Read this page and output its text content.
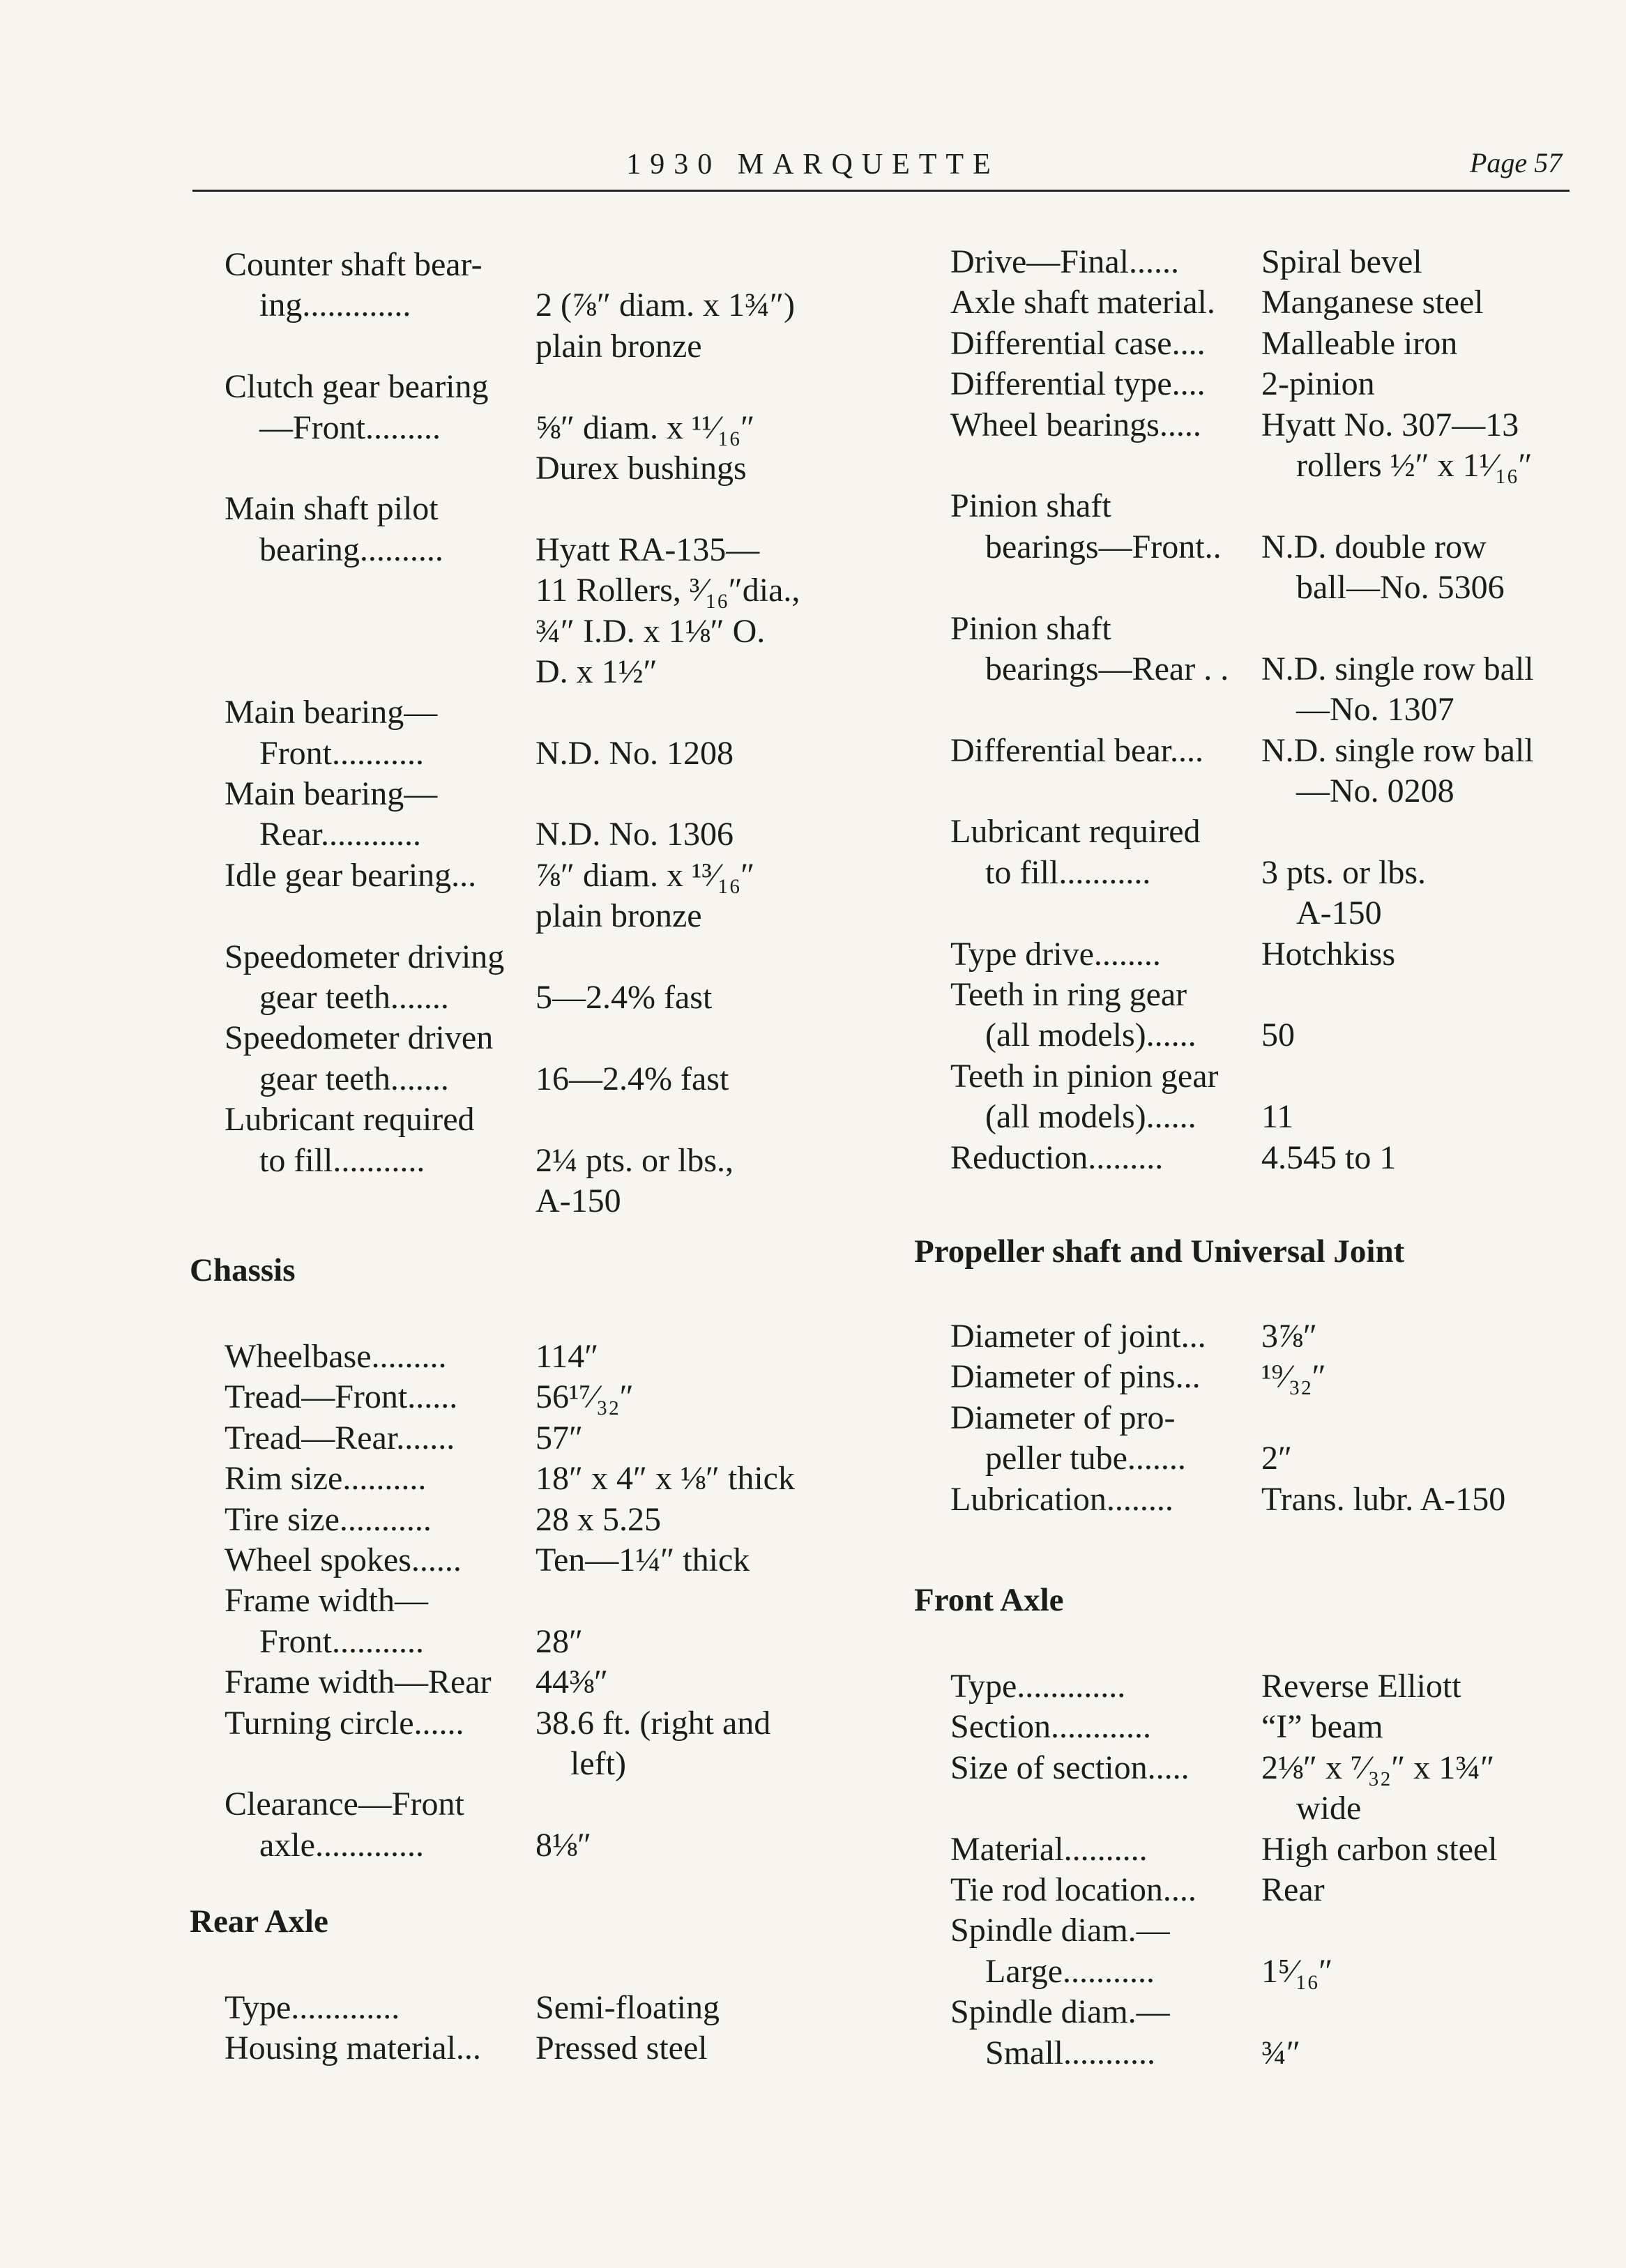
1930 MARQUETTE	Page 57
Counter shaft bear-
ing.............	2 (⅞″ diam. x 1¾″)
plain bronze
Clutch gear bearing
—Front.........	⅝″ diam. x ¹¹⁄₁₆″
Durex bushings
Main shaft pilot
bearing..........	Hyatt RA-135—
11 Rollers, ³⁄₁₆″dia.,
¾″ I.D. x 1⅛″ O.
D. x 1½″
Main bearing—
Front...........	N.D. No. 1208
Main bearing—
Rear............	N.D. No. 1306
Idle gear bearing... ⅞″ diam. x ¹³⁄₁₆″
plain bronze
Speedometer driving
gear teeth.......	5—2.4% fast
Speedometer driven
gear teeth.......	16—2.4% fast
Lubricant required
to fill...........	2¼ pts. or lbs.,
A-150
Chassis
Wheelbase.........	114″
Tread—Front...... 56¹⁷⁄₃₂″
Tread—Rear....... 57″
Rim size..........	18″ x 4″ x ⅛″ thick
Tire size...........	28 x 5.25
Wheel spokes...... Ten—1¼″ thick
Frame width—
Front...........	28″
Frame width—Rear 44⅜″
Turning circle...... 38.6 ft. (right and
left)
Clearance—Front
axle.............	8⅛″
Rear Axle
Type.............	Semi-floating
Housing material... Pressed steel
Drive—Final...... Spiral bevel
Axle shaft material. Manganese steel
Differential case.... Malleable iron
Differential type.... 2-pinion
Wheel bearings..... Hyatt No. 307—13
rollers ½″ x 1¹⁄₁₆″
Pinion shaft
bearings—Front.. N.D. double row
ball—No. 5306
Pinion shaft
bearings—Rear . . N.D. single row ball
—No. 1307
Differential bear.... N.D. single row ball
—No. 0208
Lubricant required
to fill...........	3 pts. or lbs.
A-150
Type drive........	Hotchkiss
Teeth in ring gear
(all models)...... 50
Teeth in pinion gear
(all models)...... 11
Reduction.........	4.545 to 1
Propeller shaft and Universal Joint
Diameter of joint... 3⅞″
Diameter of pins... ¹⁹⁄₃₂″
Diameter of pro-
peller tube....... 2″
Lubrication........	Trans. lubr. A-150
Front Axle
Type.............	Reverse Elliott
Section............	“I” beam
Size of section..... 2⅛″ x ⁷⁄₃₂″ x 1¾″
wide
Material..........	High carbon steel
Tie rod location.... Rear
Spindle diam.—
Large...........	1⁵⁄₁₆″
Spindle diam.—
Small...........	¾″
